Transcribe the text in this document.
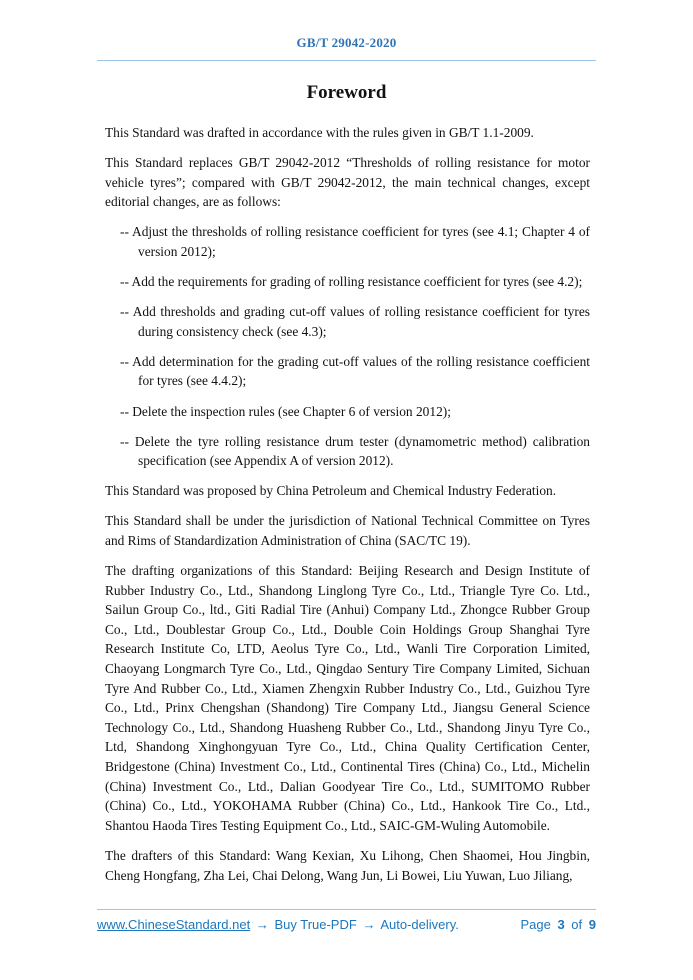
GB/T 29042-2020
Foreword

This Standard was drafted in accordance with the rules given in GB/T 1.1-2009.

This Standard replaces GB/T 29042-2012 “Thresholds of rolling resistance for motor vehicle tyres”; compared with GB/T 29042-2012, the main technical changes, except editorial changes, are as follows:

-- Adjust the thresholds of rolling resistance coefficient for tyres (see 4.1; Chapter 4 of version 2012);

-- Add the requirements for grading of rolling resistance coefficient for tyres (see 4.2);

-- Add thresholds and grading cut-off values of rolling resistance coefficient for tyres during consistency check (see 4.3);

-- Add determination for the grading cut-off values of the rolling resistance coefficient for tyres (see 4.4.2);

-- Delete the inspection rules (see Chapter 6 of version 2012);

-- Delete the tyre rolling resistance drum tester (dynamometric method) calibration specification (see Appendix A of version 2012).

This Standard was proposed by China Petroleum and Chemical Industry Federation.

This Standard shall be under the jurisdiction of National Technical Committee on Tyres and Rims of Standardization Administration of China (SAC/TC 19).

The drafting organizations of this Standard: Beijing Research and Design Institute of Rubber Industry Co., Ltd., Shandong Linglong Tyre Co., Ltd., Triangle Tyre Co. Ltd., Sailun Group Co., ltd., Giti Radial Tire (Anhui) Company Ltd., Zhongce Rubber Group Co., Ltd., Doublestar Group Co., Ltd., Double Coin Holdings Group Shanghai Tyre Research Institute Co, LTD, Aeolus Tyre Co., Ltd., Wanli Tire Corporation Limited, Chaoyang Longmarch Tyre Co., Ltd., Qingdao Sentury Tire Company Limited, Sichuan Tyre And Rubber Co., Ltd., Xiamen Zhengxin Rubber Industry Co., Ltd., Guizhou Tyre Co., Ltd., Prinx Chengshan (Shandong) Tire Company Ltd., Jiangsu General Science Technology Co., Ltd., Shandong Huasheng Rubber Co., Ltd., Shandong Jinyu Tyre Co., Ltd, Shandong Xinghongyuan Tyre Co., Ltd., China Quality Certification Center, Bridgestone (China) Investment Co., Ltd., Continental Tires (China) Co., Ltd., Michelin (China) Investment Co., Ltd., Dalian Goodyear Tire Co., Ltd., SUMITOMO Rubber (China) Co., Ltd., YOKOHAMA Rubber (China) Co., Ltd., Hankook Tire Co., Ltd., Shantou Haoda Tires Testing Equipment Co., Ltd., SAIC-GM-Wuling Automobile.

The drafters of this Standard: Wang Kexian, Xu Lihong, Chen Shaomei, Hou Jingbin, Cheng Hongfang, Zha Lei, Chai Delong, Wang Jun, Li Bowei, Liu Yuwan, Luo Jiliang,

www.ChineseStandard.net → Buy True-PDF → Auto-delivery.	Page 3 of 9
